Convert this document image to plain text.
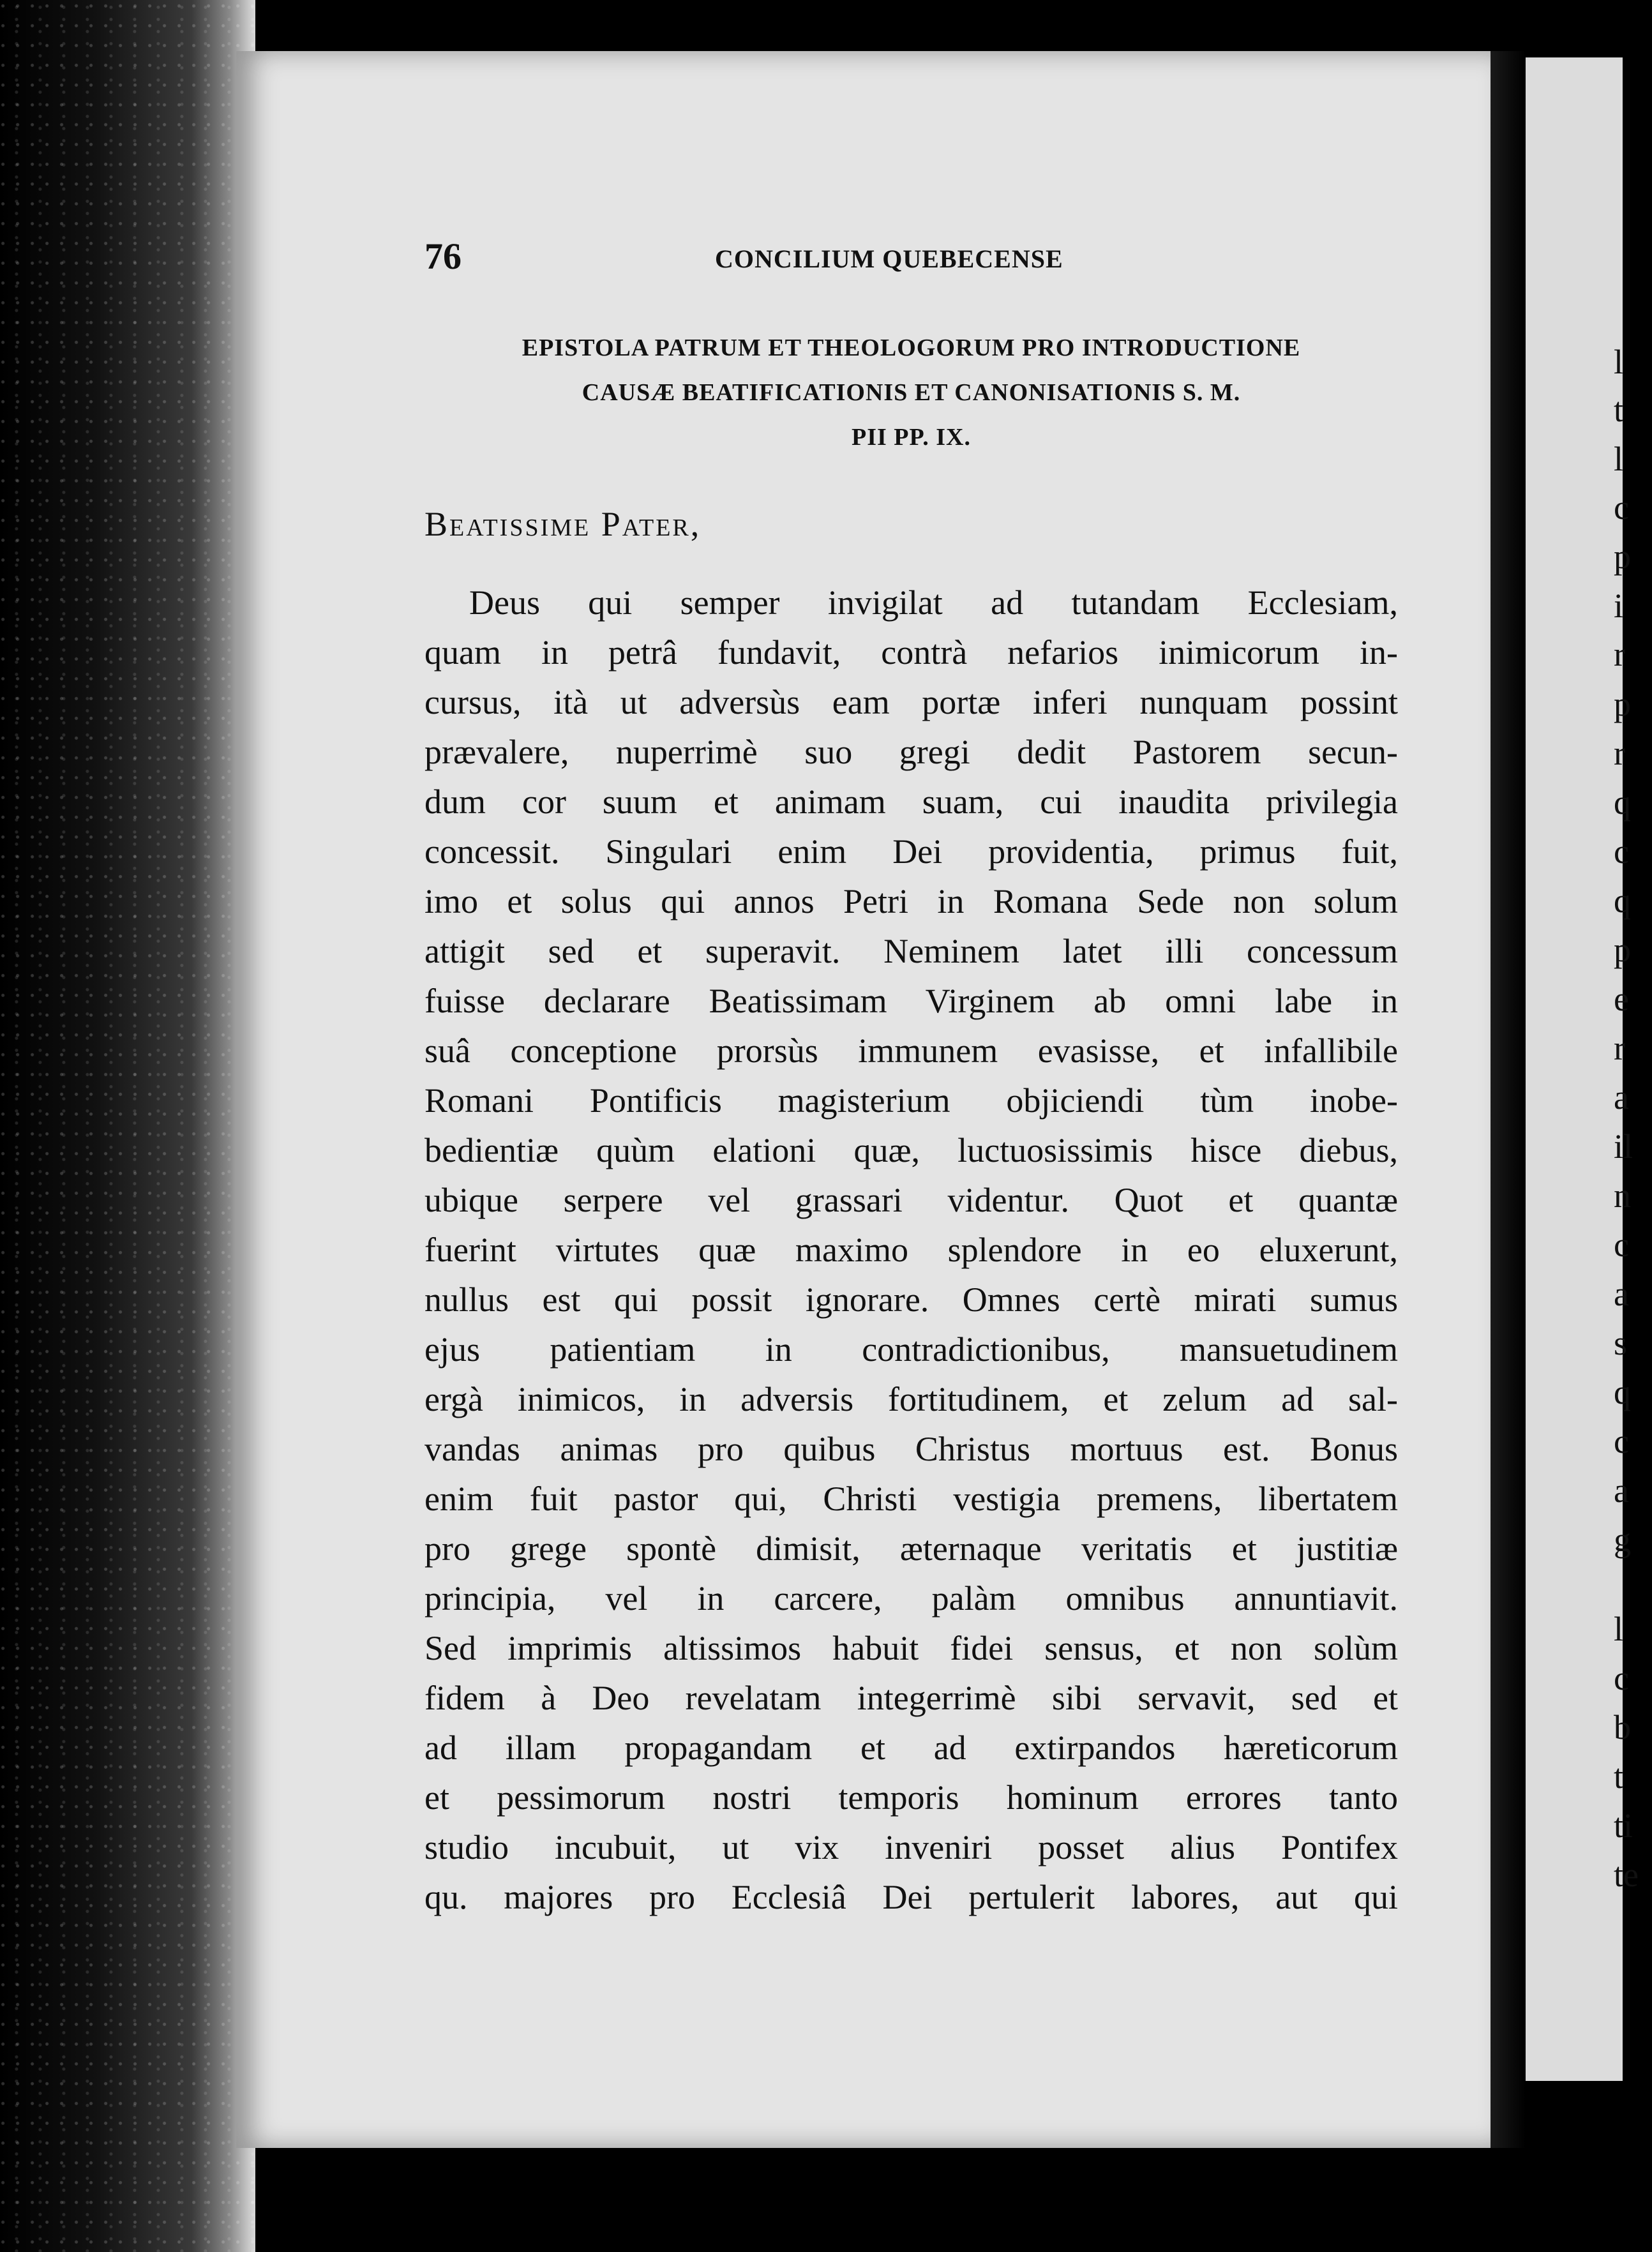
l
t
l
c
p
i
r
p
r
q
c
q
p
e
r
a
il
n
c
a
s
q
c
a
g
l
c
b
t
ti
te
76	CONCILIUM QUEBECENSE
EPISTOLA PATRUM ET THEOLOGORUM PRO INTRODUCTIONE
CAUSÆ BEATIFICATIONIS ET CANONISATIONIS S. M.
PII PP. IX.
Beatissime Pater,
Deus qui semper invigilat ad tutandam Ecclesiam,
quam in petrâ fundavit, contrà nefarios inimicorum in-
cursus, ità ut adversùs eam portæ inferi nunquam possint
prævalere, nuperrimè suo gregi dedit Pastorem secun-
dum cor suum et animam suam, cui inaudita privilegia
concessit. Singulari enim Dei providentia, primus fuit,
imo et solus qui annos Petri in Romana Sede non solum
attigit sed et superavit. Neminem latet illi concessum
fuisse declarare Beatissimam Virginem ab omni labe in
suâ conceptione prorsùs immunem evasisse, et infallibile
Romani Pontificis magisterium objiciendi tùm inobe-
bedientiæ quùm elationi quæ, luctuosissimis hisce diebus,
ubique serpere vel grassari videntur. Quot et quantæ
fuerint virtutes quæ maximo splendore in eo eluxerunt,
nullus est qui possit ignorare. Omnes certè mirati sumus
ejus patientiam in contradictionibus, mansuetudinem
ergà inimicos, in adversis fortitudinem, et zelum ad sal-
vandas animas pro quibus Christus mortuus est. Bonus
enim fuit pastor qui, Christi vestigia premens, libertatem
pro grege spontè dimisit, æternaque veritatis et justitiæ
principia, vel in carcere, palàm omnibus annuntiavit.
Sed imprimis altissimos habuit fidei sensus, et non solùm
fidem à Deo revelatam integerrimè sibi servavit, sed et
ad illam propagandam et ad extirpandos hæreticorum
et pessimorum nostri temporis hominum errores tanto
studio incubuit, ut vix inveniri posset alius Pontifex
qu. majores pro Ecclesiâ Dei pertulerit labores, aut qui
